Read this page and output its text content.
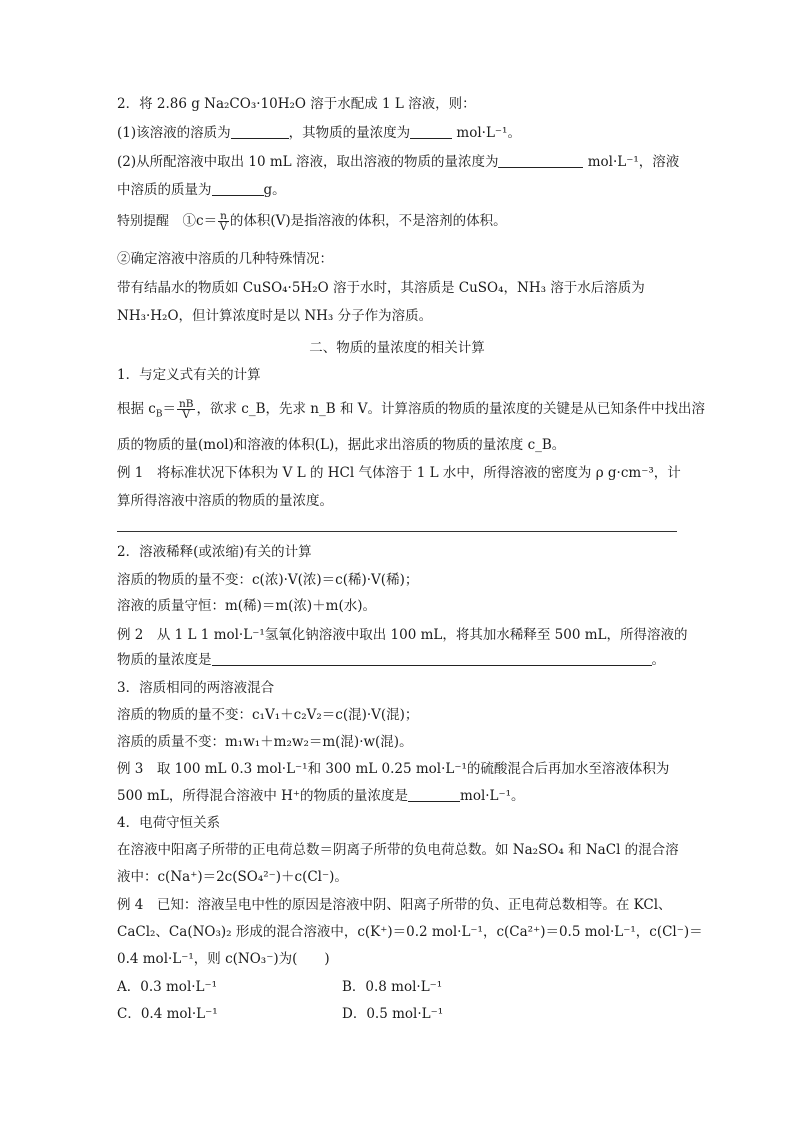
2．将 2.86 g Na₂CO₃·10H₂O 溶于水配成 1 L 溶液，则：
(1)该溶液的溶质为	，其物质的量浓度为	mol·L⁻¹。
(2)从所配溶液中取出 10 mL 溶液，取出溶液的物质的量浓度为	mol·L⁻¹，溶液
中溶质的质量为	g。
特别提醒　 ①c＝ $\frac{n}{V}$ 的体积(V)是指溶液的体积，不是溶剂的体积。
②确定溶液中溶质的几种特殊情况：
带有结晶水的物质如 CuSO₄·5H₂O 溶于水时，其溶质是 CuSO₄，NH₃ 溶于水后溶质为
NH₃·H₂O，但计算浓度时是以 NH₃ 分子作为溶质。
二、物质的量浓度的相关计算
1．与定义式有关的计算
根据 $c_B= \frac{nB}{V}$ ，欲求 c_B，先求 n_B 和 V。计算溶质的物质的量浓度的关键是从已知条件中找出溶
质的物质的量(mol)和溶液的体积(L)，据此求出溶质的物质的量浓度 c_B。
例 1　将标准状况下体积为 V L 的 HCl 气体溶于 1 L 水中，所得溶液的密度为 ρ g·cm⁻³，计
算所得溶液中溶质的物质的量浓度。
2．溶液稀释(或浓缩)有关的计算
溶质的物质的量不变：c(浓)·V(浓)＝c(稀)·V(稀)；
溶液的质量守恒：m(稀)＝m(浓)＋m(水)。
例 2　从 1 L 1 mol·L⁻¹氢氧化钠溶液中取出 100 mL，将其加水稀释至 500 mL，所得溶液的
物质的量浓度是	。
3．溶质相同的两溶液混合
溶质的物质的量不变：c₁V₁＋c₂V₂＝c(混)·V(混)；
溶质的质量不变：m₁w₁＋m₂w₂＝m(混)·w(混)。
例 3　取 100 mL 0.3 mol·L⁻¹和 300 mL 0.25 mol·L⁻¹的硫酸混合后再加水至溶液体积为
500 mL，所得混合溶液中 H⁺的物质的量浓度是	mol·L⁻¹。
4．电荷守恒关系
在溶液中阳离子所带的正电荷总数＝阴离子所带的负电荷总数。如 Na₂SO₄ 和 NaCl 的混合溶
液中：c(Na⁺)＝2c(SO₄²⁻)＋c(Cl⁻)。
例 4　已知：溶液呈电中性的原因是溶液中阴、阳离子所带的负、正电荷总数相等。在 KCl、
CaCl₂、Ca(NO₃)₂ 形成的混合溶液中，c(K⁺)＝0.2 mol·L⁻¹，c(Ca²⁺)＝0.5 mol·L⁻¹，c(Cl⁻)＝
0.4 mol·L⁻¹，则 c(NO₃⁻)为(　　)
A．0.3 mol·L⁻¹	B．0.8 mol·L⁻¹
C．0.4 mol·L⁻¹	D．0.5 mol·L⁻¹
